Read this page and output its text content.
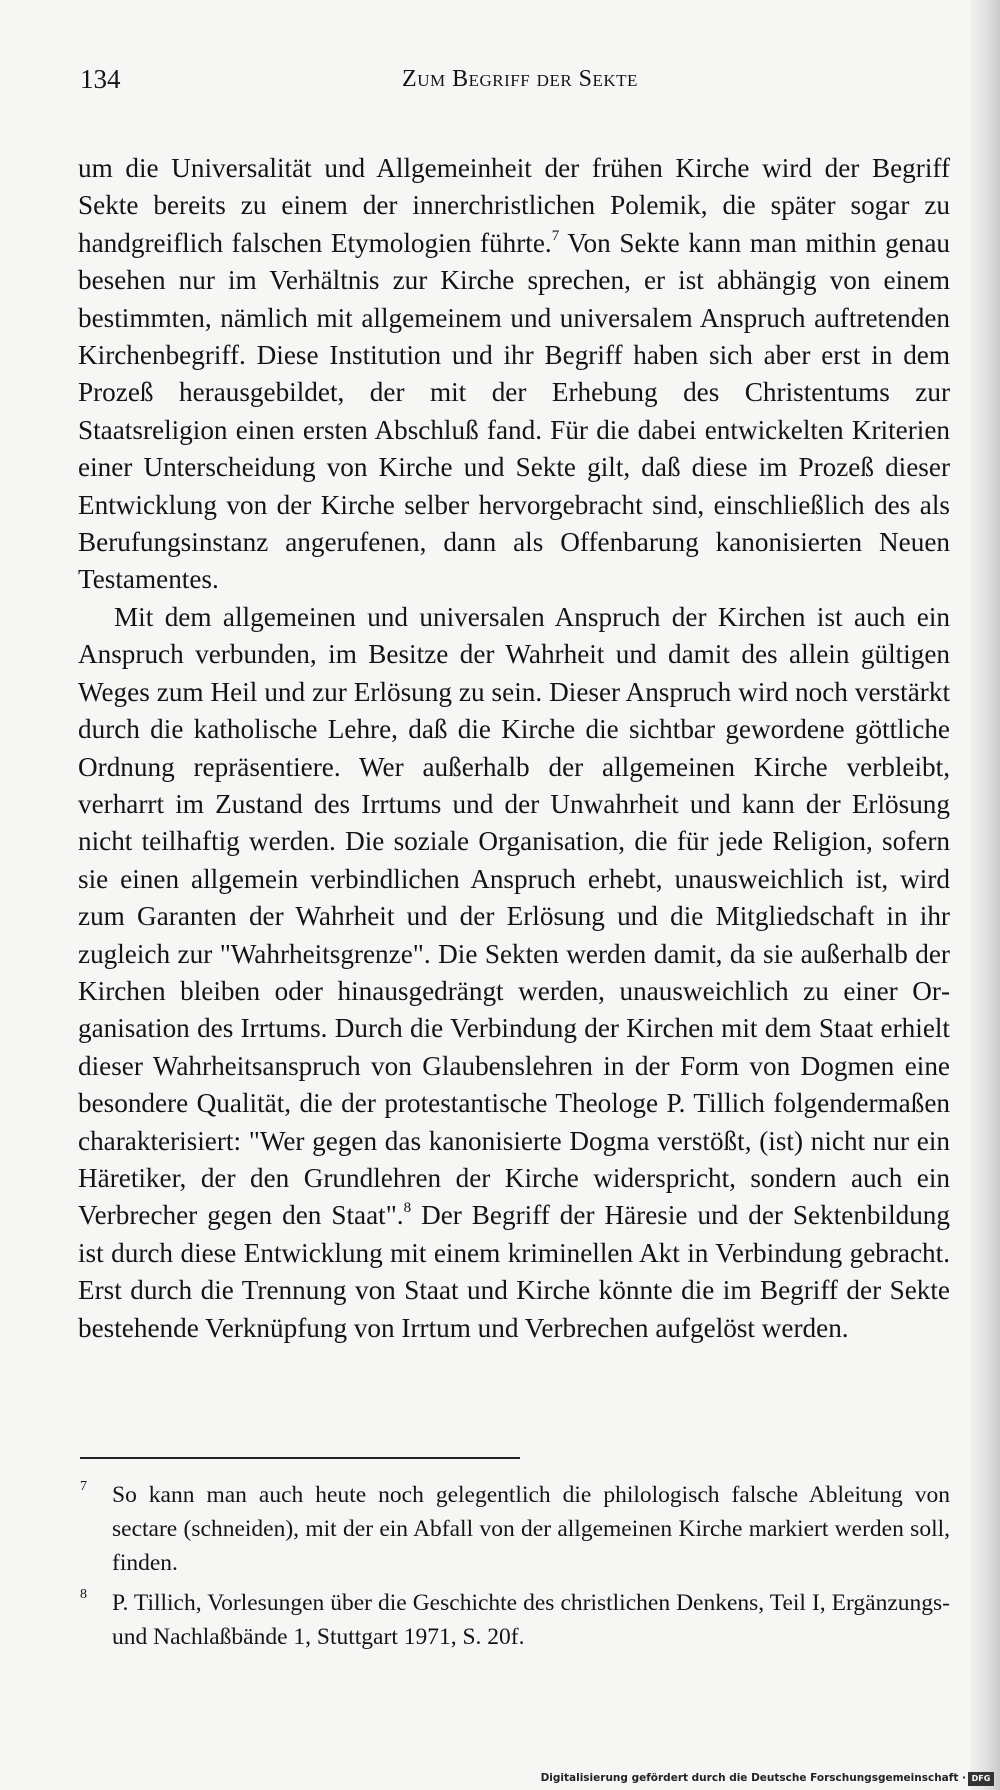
134	Zum Begriff der Sekte

um die Universalität und Allgemeinheit der frühen Kirche wird der Begriff Sekte bereits zu einem der innerchristlichen Polemik, die später sogar zu handgreiflich falschen Etymologien führte.$^7$ Von Sekte kann man mithin genau besehen nur im Verhältnis zur Kirche sprechen, er ist abhängig von einem bestimmten, nämlich mit allgemeinem und universalem Anspruch auftretenden Kirchenbegriff. Diese Institution und ihr Begriff haben sich aber erst in dem Prozeß herausgebildet, der mit der Erhebung des Christentums zur Staatsreligion einen ersten Abschluß fand. Für die dabei entwickelten Kriterien einer Unterscheidung von Kirche und Sekte gilt, daß diese im Prozeß dieser Entwicklung von der Kirche selber hervorgebracht sind, einschließlich des als Berufungsinstanz angerufenen, dann als Offenbarung kanonisierten Neuen Testamentes.

Mit dem allgemeinen und universalen Anspruch der Kirchen ist auch ein Anspruch verbunden, im Besitze der Wahrheit und damit des allein gültigen Weges zum Heil und zur Erlösung zu sein. Dieser Anspruch wird noch verstärkt durch die katholische Lehre, daß die Kirche die sichtbar gewordene göttliche Ordnung repräsentiere. Wer außerhalb der allgemeinen Kirche verbleibt, verharrt im Zustand des Irrtums und der Unwahrheit und kann der Erlösung nicht teilhaftig werden. Die soziale Organisation, die für jede Religion, sofern sie einen allgemein verbindlichen Anspruch erhebt, unausweichlich ist, wird zum Garanten der Wahrheit und der Erlösung und die Mitgliedschaft in ihr zugleich zur "Wahrheitsgrenze". Die Sekten werden damit, da sie außerhalb der Kirchen bleiben oder hinausgedrängt werden, unausweichlich zu einer Organisation des Irrtums. Durch die Verbindung der Kirchen mit dem Staat erhielt dieser Wahrheitsanspruch von Glaubenslehren in der Form von Dogmen eine besondere Qualität, die der protestantische Theologe P. Tillich folgendermaßen charakterisiert: "Wer gegen das kanonisierte Dogma verstößt, (ist) nicht nur ein Häretiker, der den Grundlehren der Kirche widerspricht, sondern auch ein Verbrecher gegen den Staat".$^8$ Der Begriff der Häresie und der Sektenbildung ist durch diese Entwicklung mit einem kriminellen Akt in Verbindung gebracht. Erst durch die Trennung von Staat und Kirche könnte die im Begriff der Sekte bestehende Verknüpfung von Irrtum und Verbrechen aufgelöst werden.

7 So kann man auch heute noch gelegentlich die philologisch falsche Ableitung von sectare (schneiden), mit der ein Abfall von der allgemeinen Kirche markiert werden soll, finden.
8 P. Tillich, Vorlesungen über die Geschichte des christlichen Denkens, Teil I, Ergänzungs- und Nachlaßbände 1, Stuttgart 1971, S. 20f.
Digitalisierung gefördert durch die Deutsche Forschungsgemeinschaft · DFG
